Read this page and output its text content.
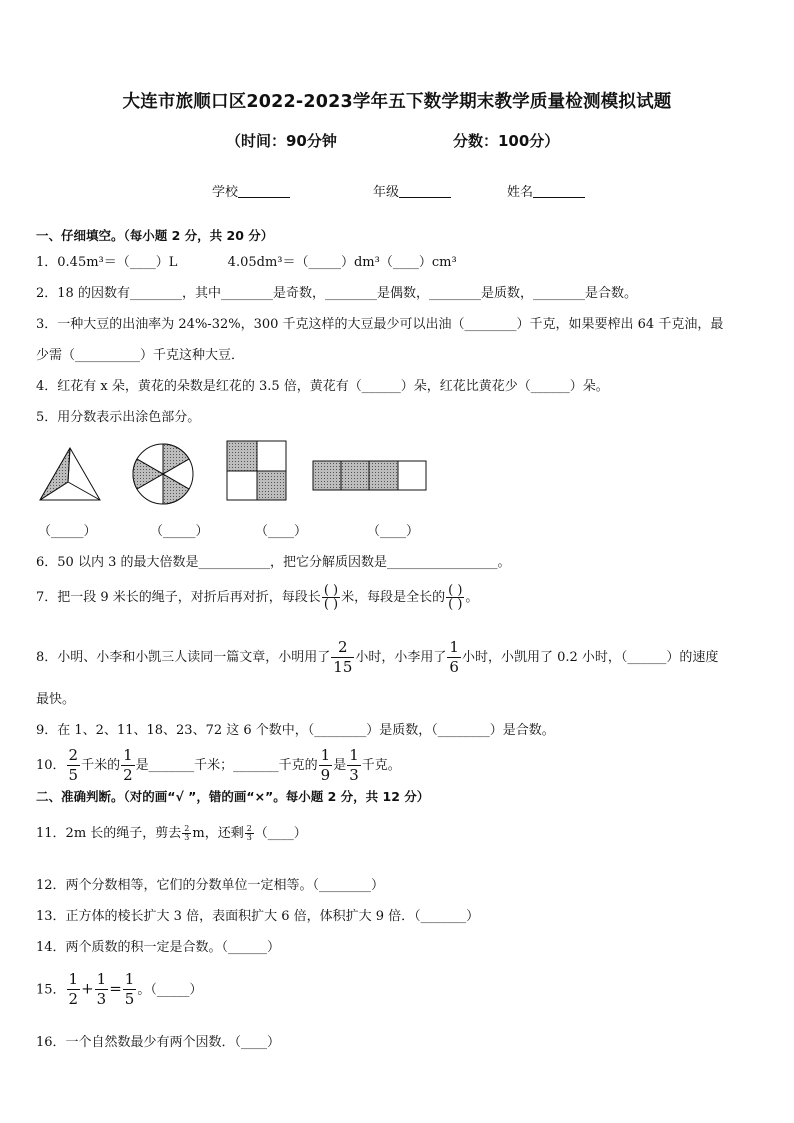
大连市旅顺口区2022-2023学年五下数学期末教学质量检测模拟试题
（时间：90分钟	分数：100分）
学校	年级	姓名
一、仔细填空。（每小题 2 分，共 20 分）
1．0.45m³＝（____）L	4.05dm³＝（_____）dm³（____）cm³
2．18 的因数有________，其中________是奇数，________是偶数，________是质数，________是合数。
3．一种大豆的出油率为 24%-32%，300 千克这样的大豆最少可以出油（________）千克，如果要榨出 64 千克油，最
少需（__________）千克这种大豆．
4．红花有 x 朵，黄花的朵数是红花的 3.5 倍，黄花有（______）朵，红花比黄花少（______）朵。
5．用分数表示出涂色部分。
（_____）	（_____）	（____）	（____）
6．50 以内 3 的最大倍数是___________，把它分解质因数是_________________。
7．把一段 9 米长的绳子，对折后再对折，每段长 $\frac{( )}{( )}$ 米，每段是全长的 $\frac{( )}{( )}$ 。
8．小明、小李和小凯三人读同一篇文章，小明用了 $\frac{2}{15}$ 小时，小李用了 $\frac{1}{6}$ 小时，小凯用了 0.2 小时，（______）的速度
最快。
9．在 1、2、11、18、23、72 这 6 个数中，（________）是质数，（________）是合数。
10． $\frac{2}{5}$ 千米的 $\frac{1}{2}$ 是_______千米；_______千克的 $\frac{1}{9}$ 是 $\frac{1}{3}$ 千克。
二、准确判断。（对的画“√ ”，错的画“×”。每小题 2 分，共 12 分）
11．2m 长的绳子，剪去 $\frac{2}{3}$ m，还剩 $\frac{2}{3}$ （____）
12．两个分数相等，它们的分数单位一定相等。（________）
13．正方体的棱长扩大 3 倍，表面积扩大 6 倍，体积扩大 9 倍．（_______）
14．两个质数的积一定是合数。（______）
15． $\frac{1}{2} + \frac{1}{3} = \frac{1}{5}$ 。（_____）
16．一个自然数最少有两个因数．（____）
